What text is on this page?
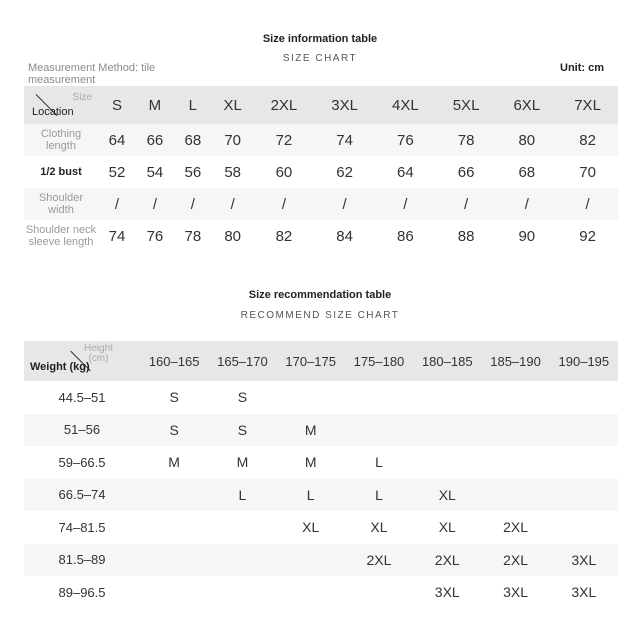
Size information table
SIZE CHART
Measurement Method: tile
measurement
Unit: cm
Size
Location	S	M	L	XL	2XL	3XL	4XL	5XL	6XL	7XL

Clothing
length	64	66	68	70	72	74	76	78	80	82

1/2 bust	52	54	56	58	60	62	64	66	68	70

Shoulder
width	/	/	/	/	/	/	/	/	/	/

Shoulder neck
sleeve length	74	76	78	80	82	84	86	88	90	92
Size recommendation table
RECOMMEND SIZE CHART
Height
(cm)
Weight (kg)	160–165	165–170	170–175	175–180	180–185	185–190	190–195
44.5–51	S	S					
51–56	S	S	M				
59–66.5	M	M	M	L			
66.5–74		L	L	L	XL		
74–81.5			XL	XL	XL	2XL	
81.5–89				2XL	2XL	2XL	3XL
89–96.5					3XL	3XL	3XL
